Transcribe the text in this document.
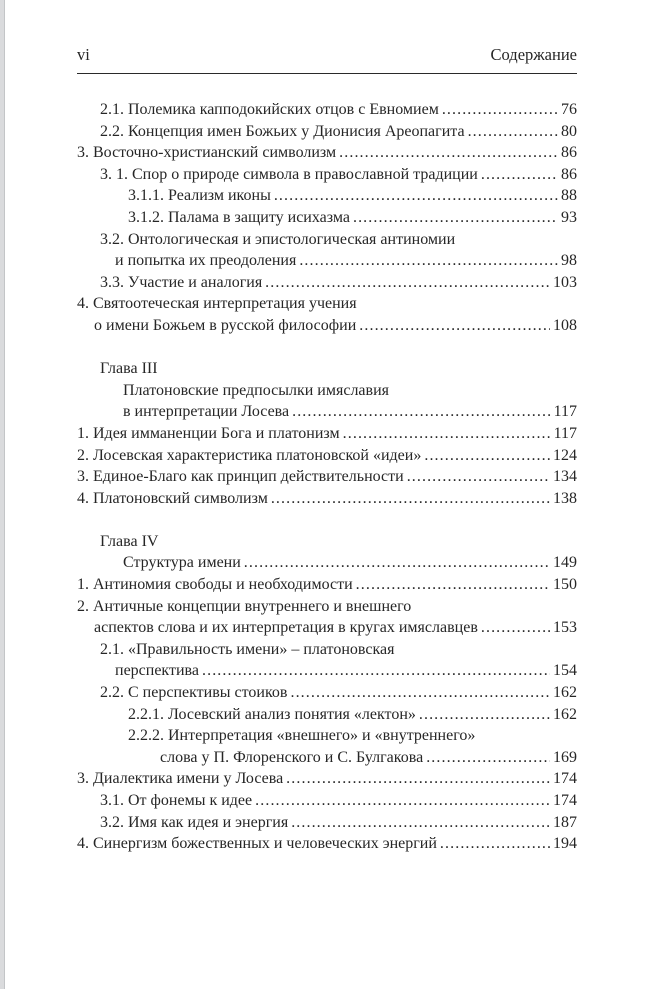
vi	Содержание
2.1. Полемика капподокийских отцов с Евномием .....	76
2.2. Концепция имен Божьих у Дионисия Ареопагита .....	80
3. Восточно-христианский символизм .....	86
3. 1. Спор о природе символа в православной традиции .....	86
3.1.1. Реализм иконы .....	88
3.1.2. Палама в защиту исихазма .....	93
3.2. Онтологическая и эпистологическая антиномии
и попытка их преодоления .....	98
3.3. Участие и аналогия .....	103
4. Святоотеческая интерпретация учения
о имени Божьем в русской философии .....	108
Глава III
Платоновские предпосылки имяславия
в интерпретации Лосева .....	117
1. Идея имманенции Бога и платонизм .....	117
2. Лосевская характеристика платоновской «идеи» .....	124
3. Единое-Благо как принцип действительности .....	134
4. Платоновский символизм .....	138
Глава IV
Структура имени .....	149
1. Антиномия свободы и необходимости .....	150
2. Античные концепции внутреннего и внешнего
аспектов слова и их интерпретация в кругах имяславцев .....	153
2.1. «Правильность имени» – платоновская
перспектива .....	154
2.2. С перспективы стоиков .....	162
2.2.1. Лосевский анализ понятия «лектон» .....	162
2.2.2. Интерпретация «внешнего» и «внутреннего»
слова у П. Флоренского и С. Булгакова .....	169
3. Диалектика имени у Лосева .....	174
3.1. От фонемы к идее .....	174
3.2. Имя как идея и энергия .....	187
4. Синергизм божественных и человеческих энергий .....	194
